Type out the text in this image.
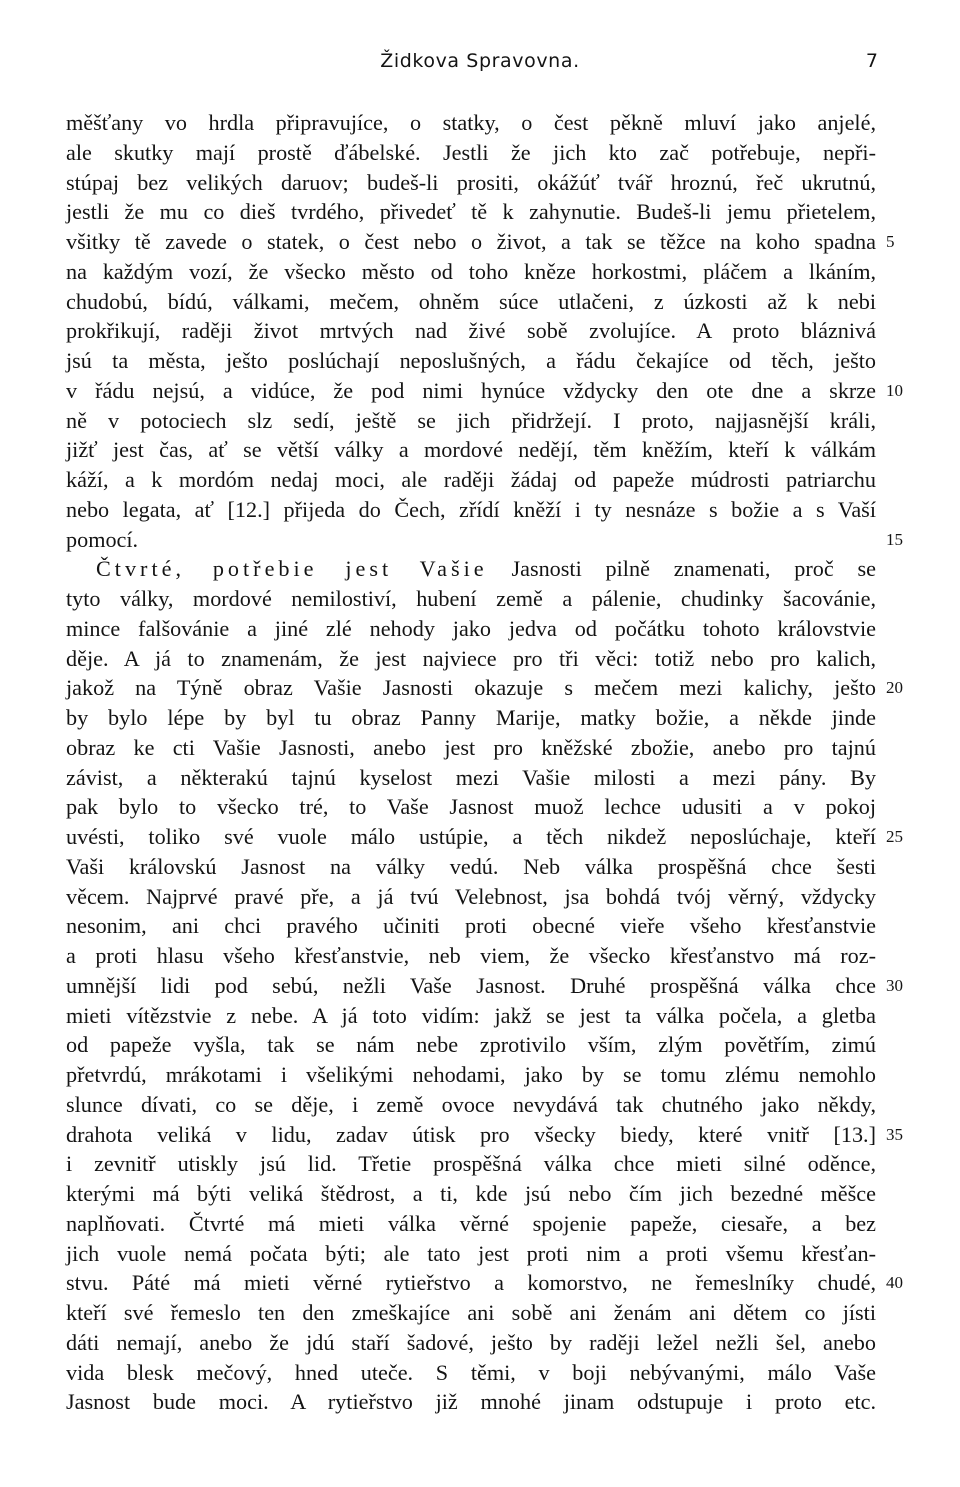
Židkova Spravovna.	7
měšťany vo hrdla připravujíce, o statky, o čest pěkně mluví jako anjelé,
ale skutky mají prostě ďábelské. Jestli že jich kto zač potřebuje, nepři-
stúpaj bez velikých daruov; budeš-li prositi, okážúť tvář hroznú, řeč ukrutnú,
jestli že mu co dieš tvrdého, přivedeť tě k zahynutie. Budeš-li jemu přietelem,
všitky tě zavede o statek, o čest nebo o život, a tak se těžce na koho spadna 5
na každým vozí, že všecko město od toho kněze horkostmi, pláčem a lkáním,
chudobú, bídú, válkami, mečem, ohněm súce utlačeni, z úzkosti až k nebi
prokřikují, raději život mrtvých nad živé sobě zvolujíce. A proto bláznivá
jsú ta města, ješto poslúchají neposlušných, a řádu čekajíce od těch, ješto
v řádu nejsú, a vidúce, že pod nimi hynúce vždycky den ote dne a skrze 10
ně v potociech slz sedí, ještě se jich přidržejí. I proto, najjasnější králi,
jižť jest čas, ať se větší války a mordové nedějí, těm kněžím, kteří k válkám
káží, a k mordóm nedaj moci, ale raději žádaj od papeže múdrosti patriarchu
nebo legata, ať [12.] přijeda do Čech, zřídí kněží i ty nesnáze s božie a s Vaší
pomocí.	15
Čtvrté, potřebie jest Vašie Jasnosti pilně znamenati, proč se
tyto války, mordové nemilostiví, hubení země a pálenie, chudinky šacovánie,
mince falšovánie a jiné zlé nehody jako jedva od počátku tohoto královstvie
děje. A já to znamenám, že jest najviece pro tři věci: totiž nebo pro kalich,
jakož na Týně obraz Vašie Jasnosti okazuje s mečem mezi kalichy, ješto 20
by bylo lépe by byl tu obraz Panny Marije, matky božie, a někde jinde
obraz ke cti Vašie Jasnosti, anebo jest pro kněžské zbožie, anebo pro tajnú
závist, a některakú tajnú kyselost mezi Vašie milosti a mezi pány. By
pak bylo to všecko tré, to Vaše Jasnost muož lechce udusiti a v pokoj
uvésti, toliko své vuole málo ustúpie, a těch nikdež neposlúchaje, kteří 25
Vaši královskú Jasnost na války vedú. Neb válka prospěšná chce šesti
věcem. Najprvé pravé pře, a já tvú Velebnost, jsa bohdá tvój věrný, vždycky
nesonim, ani chci pravého učiniti proti obecné vieře všeho křesťanstvie
a proti hlasu všeho křesťanstvie, neb viem, že všecko křesťanstvo má roz-
umnější lidi pod sebú, nežli Vaše Jasnost. Druhé prospěšná válka chce 30
mieti vítězstvie z nebe. A já toto vidím: jakž se jest ta válka počela, a gletba
od papeže vyšla, tak se nám nebe zprotivilo vším, zlým povětřím, zimú
přetvrdú, mrákotami i všelikými nehodami, jako by se tomu zlému nemohlo
slunce dívati, co se děje, i země ovoce nevydává tak chutného jako někdy,
drahota veliká v lidu, zadav útisk pro všecky biedy, které vnitř [13.] 35
i zevnitř utiskly jsú lid. Třetie prospěšná válka chce mieti silné oděnce,
kterými má býti veliká štědrost, a ti, kde jsú nebo čím jich bezedné měšce
naplňovati. Čtvrté má mieti válka věrné spojenie papeže, ciesaře, a bez
jich vuole nemá počata býti; ale tato jest proti nim a proti všemu křesťan-
stvu. Páté má mieti věrné rytieřstvo a komorstvo, ne řemeslníky chudé, 40
kteří své řemeslo ten den zmeškajíce ani sobě ani ženám ani dětem co jísti
dáti nemají, anebo že jdú staří šadové, ješto by raději ležel nežli šel, anebo
vida blesk mečový, hned uteče. S těmi, v boji nebývanými, málo Vaše
Jasnost bude moci. A rytieřstvo již mnohé jinam odstupuje i proto etc.
